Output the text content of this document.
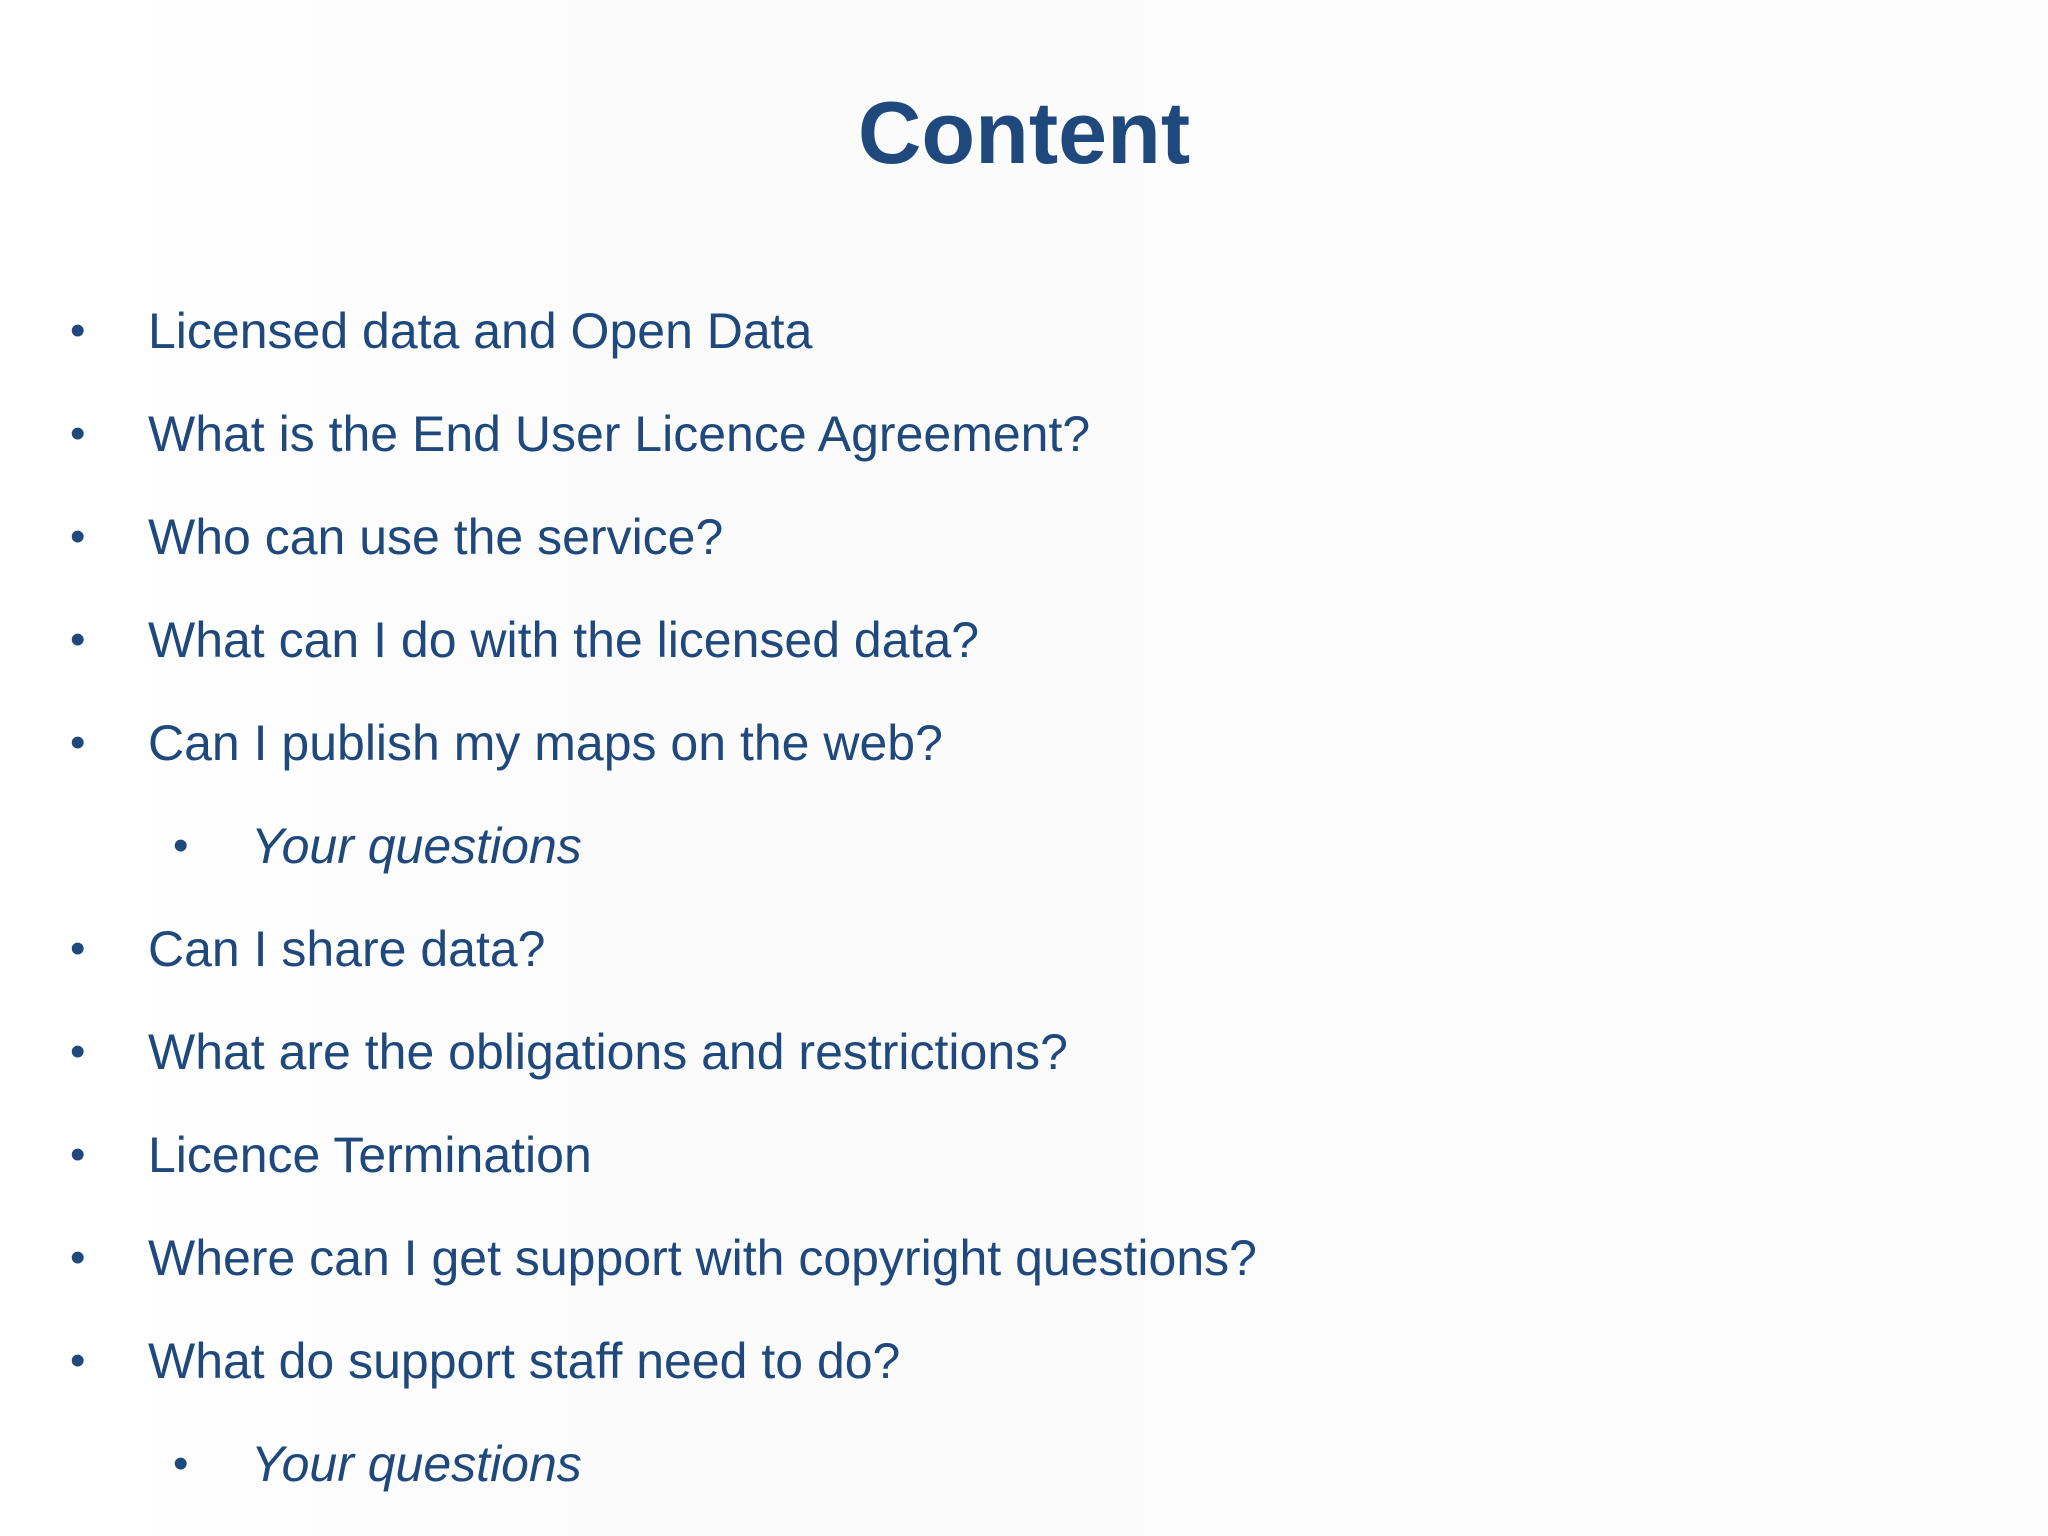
Content
• Licensed data and Open Data
• What is the End User Licence Agreement?
• Who can use the service?
• What can I do with the licensed data?
• Can I publish my maps on the web?
• Your questions
• Can I share data?
• What are the obligations and restrictions?
• Licence Termination
• Where can I get support with copyright questions?
• What do support staff need to do?
• Your questions
